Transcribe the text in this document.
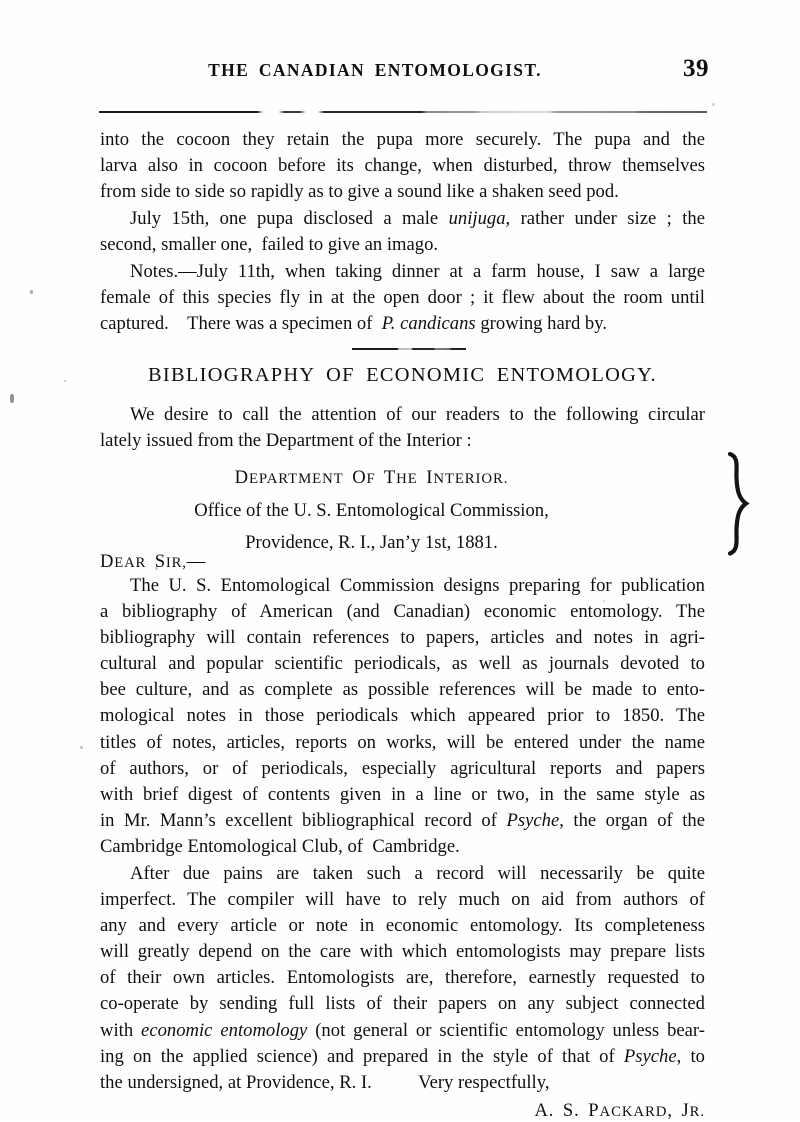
THE CANADIAN ENTOMOLOGIST.	39
into the cocoon they retain the pupa more securely. The pupa and the
larva also in cocoon before its change, when disturbed, throw themselves
from side to side so rapidly as to give a sound like a shaken seed pod.
July 15th, one pupa disclosed a male unijuga, rather under size ; the
second, smaller one,  failed to give an imago.
Notes.—July 11th, when taking dinner at a farm house, I saw a large
female of this species fly in at the open door ; it flew about the room until
captured.    There was a specimen of  P. candicans growing hard by.
BIBLIOGRAPHY OF ECONOMIC ENTOMOLOGY.
We desire to call the attention of our readers to the following circular
lately issued from the Department of the Interior :
DEPARTMENT OF THE INTERIOR.
Office of the U. S. Entomological Commission,
Providence, R. I., Jan’y 1st, 1881.
DEAR SIR,—
The U. S. Entomological Commission designs preparing for publication
a bibliography of American (and Canadian) economic entomology. The
bibliography will contain references to papers, articles and notes in agri-
cultural and popular scientific periodicals, as well as journals devoted to
bee culture, and as complete as possible references will be made to ento-
mological notes in those periodicals which appeared prior to 1850. The
titles of notes, articles, reports on works, will be entered under the name
of authors, or of periodicals, especially agricultural reports and papers
with brief digest of contents given in a line or two, in the same style as
in Mr. Mann’s excellent bibliographical record of Psyche, the organ of the
Cambridge Entomological Club, of  Cambridge.
After due pains are taken such a record will necessarily be quite
imperfect. The compiler will have to rely much on aid from authors of
any and every article or note in economic entomology. Its completeness
will greatly depend on the care with which entomologists may prepare lists
of their own articles. Entomologists are, therefore, earnestly requested to
co-operate by sending full lists of their papers on any subject connected
with economic entomology (not general or scientific entomology unless bear-
ing on the applied science) and prepared in the style of that of Psyche, to
the undersigned, at Providence, R. I.          Very respectfully,
A. S. PACKARD, JR.
